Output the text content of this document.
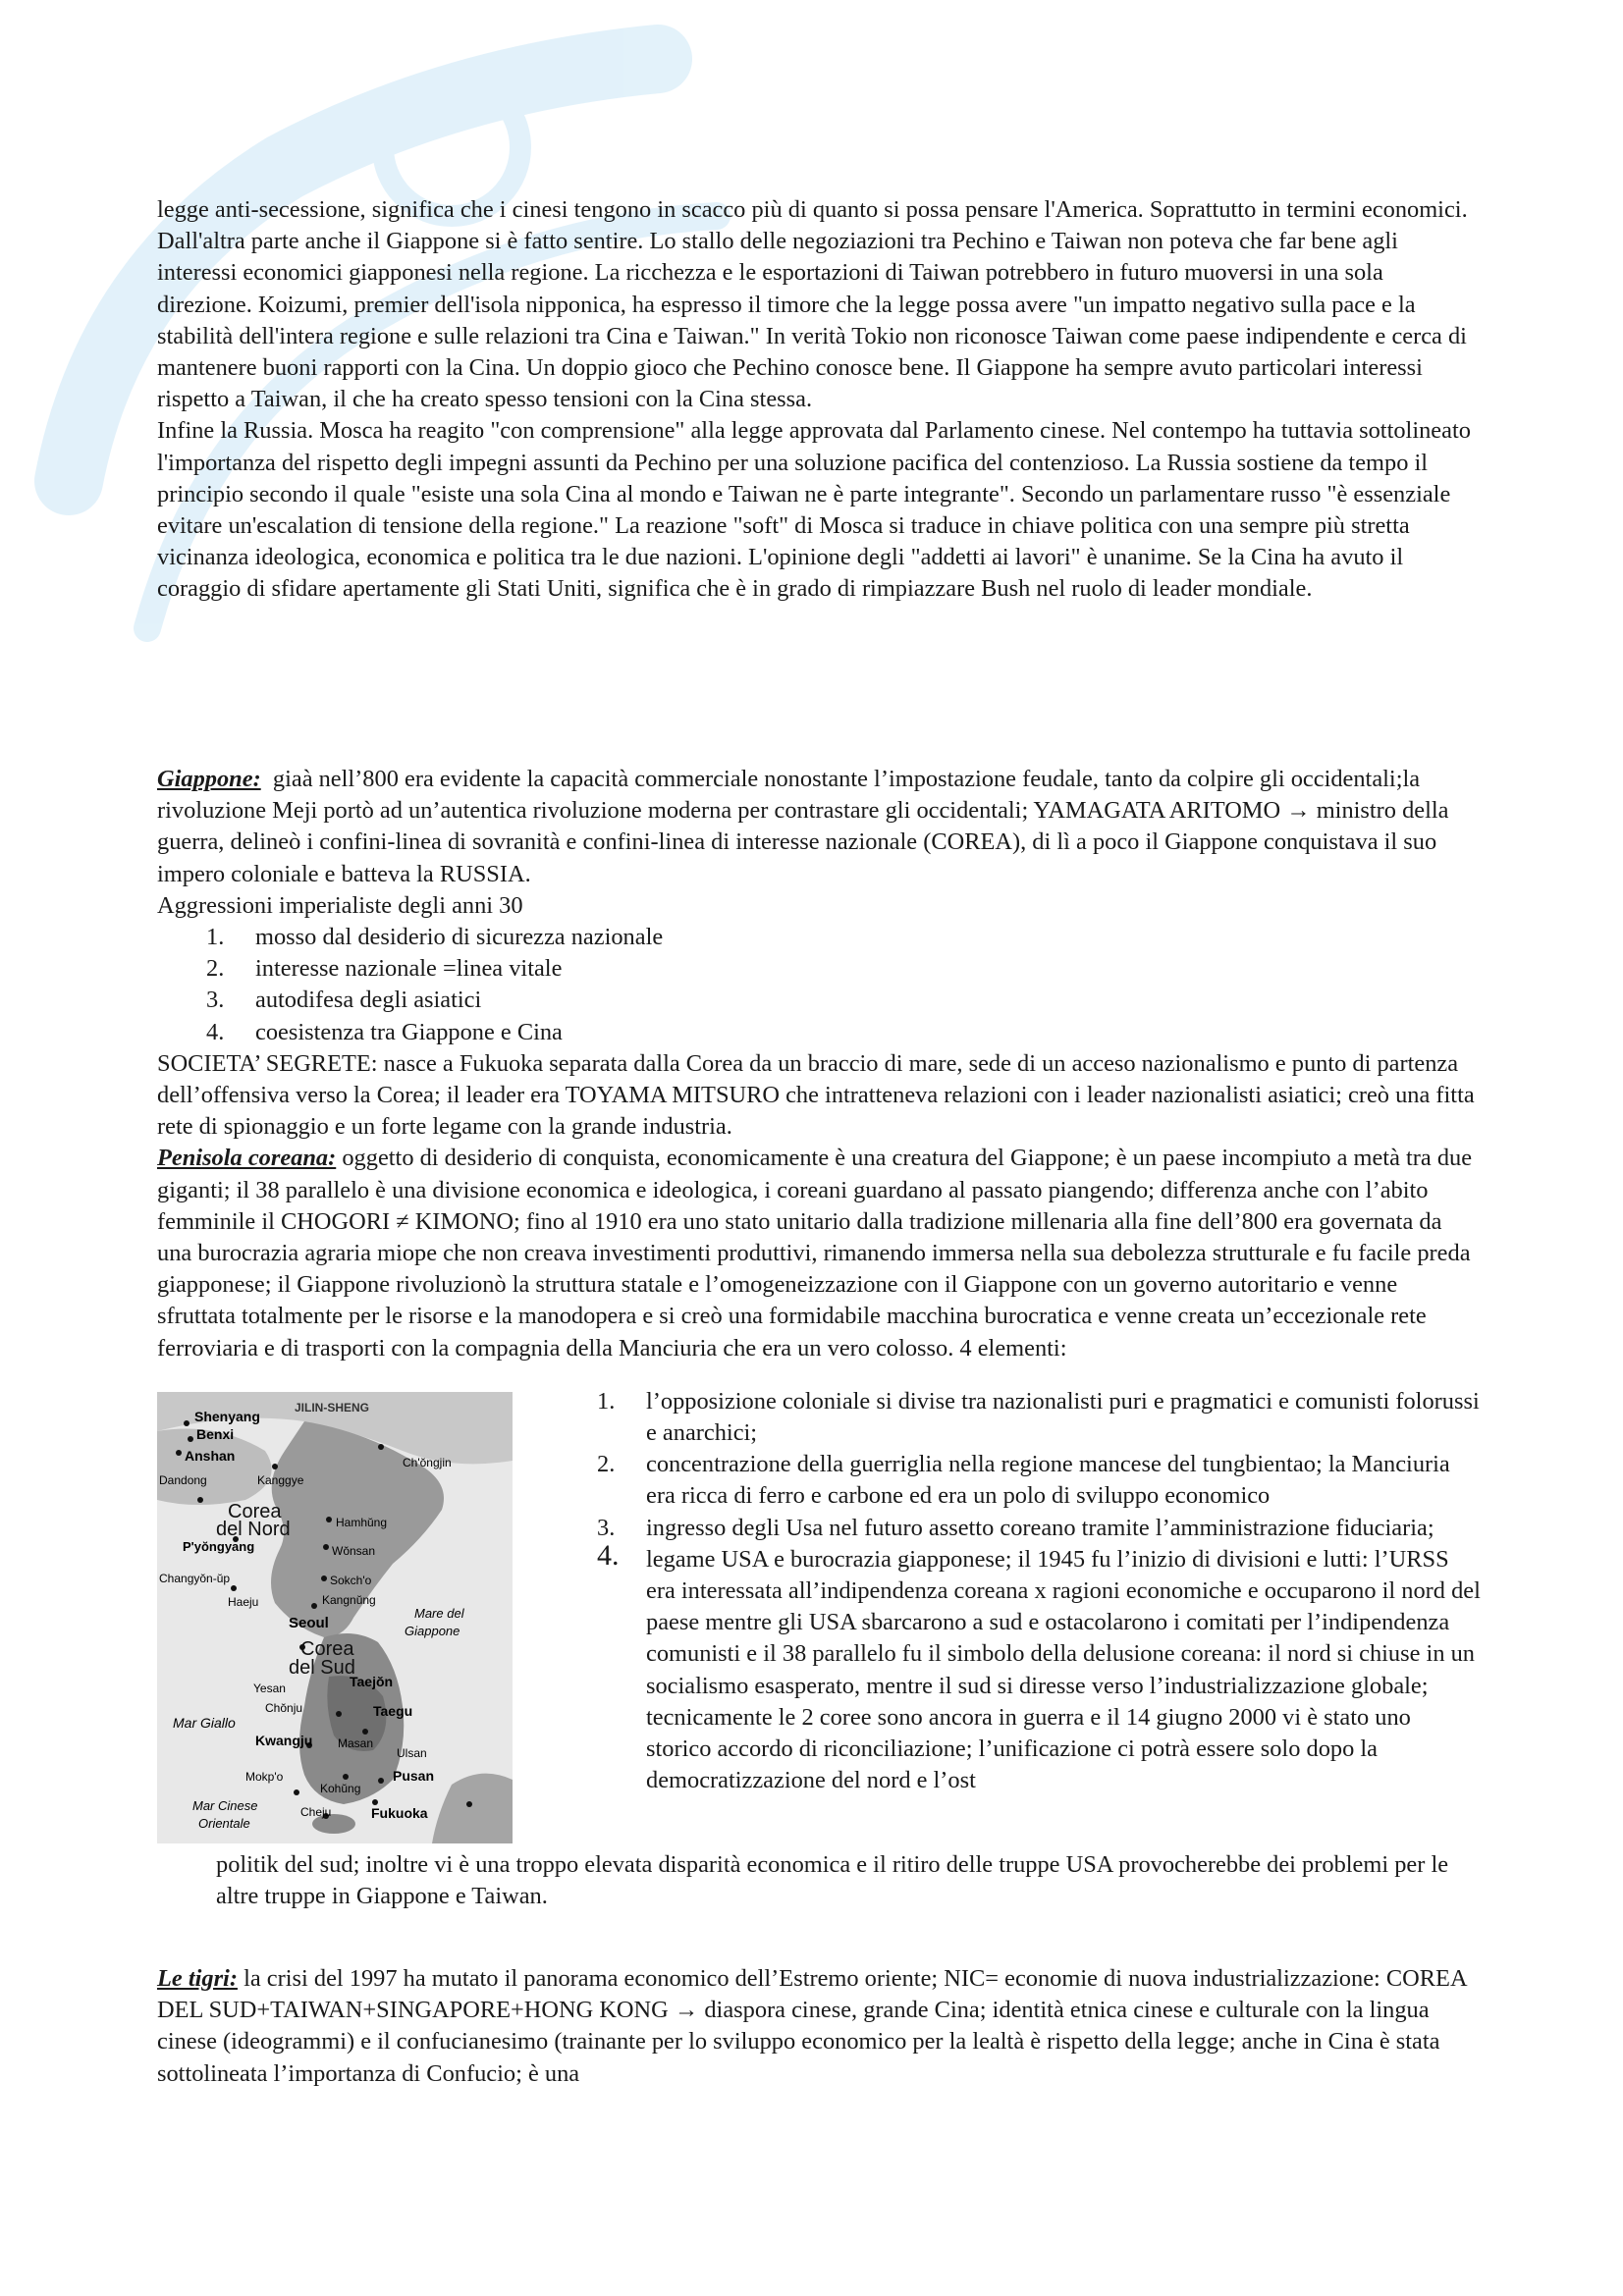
legge anti-secessione, significa che i cinesi tengono in scacco più di quanto si possa pensare l'America. Soprattutto in termini economici.
Dall'altra parte anche il Giappone si è fatto sentire. Lo stallo delle negoziazioni tra Pechino e Taiwan non poteva che far bene agli interessi economici giapponesi nella regione. La ricchezza e le esportazioni di Taiwan potrebbero in futuro muoversi in una sola direzione. Koizumi, premier dell'isola nipponica, ha espresso il timore che la legge possa avere "un impatto negativo sulla pace e la stabilità dell'intera regione e sulle relazioni tra Cina e Taiwan." In verità Tokio non riconosce Taiwan come paese indipendente e cerca di mantenere buoni rapporti con la Cina. Un doppio gioco che Pechino conosce bene. Il Giappone ha sempre avuto particolari interessi rispetto a Taiwan, il che ha creato spesso tensioni con la Cina stessa.
Infine la Russia. Mosca ha reagito "con comprensione" alla legge approvata dal Parlamento cinese. Nel contempo ha tuttavia sottolineato l'importanza del rispetto degli impegni assunti da Pechino per una soluzione pacifica del contenzioso. La Russia sostiene da tempo il principio secondo il quale "esiste una sola Cina al mondo e Taiwan ne è parte integrante". Secondo un parlamentare russo "è essenziale evitare un'escalation di tensione della regione." La reazione "soft" di Mosca si traduce in chiave politica con una sempre più stretta vicinanza ideologica, economica e politica tra le due nazioni. L'opinione degli "addetti ai lavori" è unanime. Se la Cina ha avuto il coraggio di sfidare apertamente gli Stati Uniti, significa che è in grado di rimpiazzare Bush nel ruolo di leader mondiale.
Giappone: giaà nell’800 era evidente la capacità commerciale nonostante l’impostazione feudale, tanto da colpire gli occidentali;la rivoluzione Meji portò ad un’autentica rivoluzione moderna per contrastare gli occidentali; YAMAGATA ARITOMO → ministro della guerra, delineò i confini-linea di sovranità e confini-linea di interesse nazionale (COREA), di lì a poco il Giappone conquistava il suo impero coloniale e batteva la RUSSIA.
Aggressioni imperialiste degli anni 30
1. mosso dal desiderio di sicurezza nazionale
2. interesse nazionale =linea vitale
3. autodifesa degli asiatici
4. coesistenza tra Giappone e Cina
SOCIETA’ SEGRETE: nasce a Fukuoka separata dalla Corea da un braccio di mare, sede di un acceso nazionalismo e punto di partenza dell’offensiva verso la Corea; il leader era TOYAMA MITSURO che intratteneva relazioni con i leader nazionalisti asiatici; creò una fitta rete di spionaggio e un forte legame con la grande industria.
Penisola coreana: oggetto di desiderio di conquista, economicamente è una creatura del Giappone; è un paese incompiuto a metà tra due giganti; il 38 parallelo è una divisione economica e ideologica, i coreani guardano al passato piangendo; differenza anche con l’abito femminile il CHOGORI ≠ KIMONO; fino al 1910 era uno stato unitario dalla tradizione millenaria alla fine dell’800 era governata da una burocrazia agraria miope che non creava investimenti produttivi, rimanendo immersa nella sua debolezza strutturale e fu facile preda giapponese; il Giappone rivoluzionò la struttura statale e l’omogeneizzazione con il Giappone con un governo autoritario e venne sfruttata totalmente per le risorse e la manodopera e si creò una formidabile macchina burocratica e venne creata un’eccezionale rete ferroviaria e di trasporti con la compagnia della Manciuria che era un vero colosso. 4 elementi:
JILIN-SHENG
Shenyang
Benxi
Anshan
Dandong	Kanggye
Ch'ŏngjin
Corea
del Nord	Hamhŭng
P'yŏngyang	Wŏnsan
Changyŏn-ŭp	Sokch'o
Haeju	Kangnŭng
Seoul
Mare del
Giappone
Corea
del Sud
Taejŏn
Yesan
Chŏnju	Taegu
Mar Giallo
Kwangju Masan
Ulsan
Mokp'o	Pusan
Kohŭng
Cheju	Fukuoka
Mar Cinese
Orientale
1. l’opposizione coloniale si divise tra nazionalisti puri e pragmatici e comunisti folorussi e anarchici;
2. concentrazione della guerriglia nella regione mancese del tungbientao; la Manciuria era ricca di ferro e carbone ed era un polo di sviluppo economico
3. ingresso degli Usa nel futuro assetto coreano tramite l’amministrazione fiduciaria;
4. legame USA e burocrazia giapponese; il 1945 fu l’inizio di divisioni e lutti: l’URSS era interessata all’indipendenza coreana x ragioni economiche e occuparono il nord del paese mentre gli USA sbarcarono a sud e ostacolarono i comitati per l’indipendenza comunisti e il 38 parallelo fu il simbolo della delusione coreana: il nord si chiuse in un socialismo esasperato, mentre il sud si diresse verso l’industrializzazione globale; tecnicamente le 2 coree sono ancora in guerra e il 14 giugno 2000 vi è stato uno storico accordo di riconciliazione; l’unificazione ci potrà essere solo dopo la democratizzazione del nord e l’ost
politik del sud; inoltre vi è una troppo elevata disparità economica e il ritiro delle truppe USA provocherebbe dei problemi per le altre truppe in Giappone e Taiwan.
Le tigri: la crisi del 1997 ha mutato il panorama economico dell’Estremo oriente; NIC= economie di nuova industrializzazione: COREA DEL SUD+TAIWAN+SINGAPORE+HONG KONG → diaspora cinese, grande Cina; identità etnica cinese e culturale con la lingua cinese (ideogrammi) e il confucianesimo (trainante per lo sviluppo economico per la lealtà è rispetto della legge; anche in Cina è stata sottolineata l’importanza di Confucio; è una
